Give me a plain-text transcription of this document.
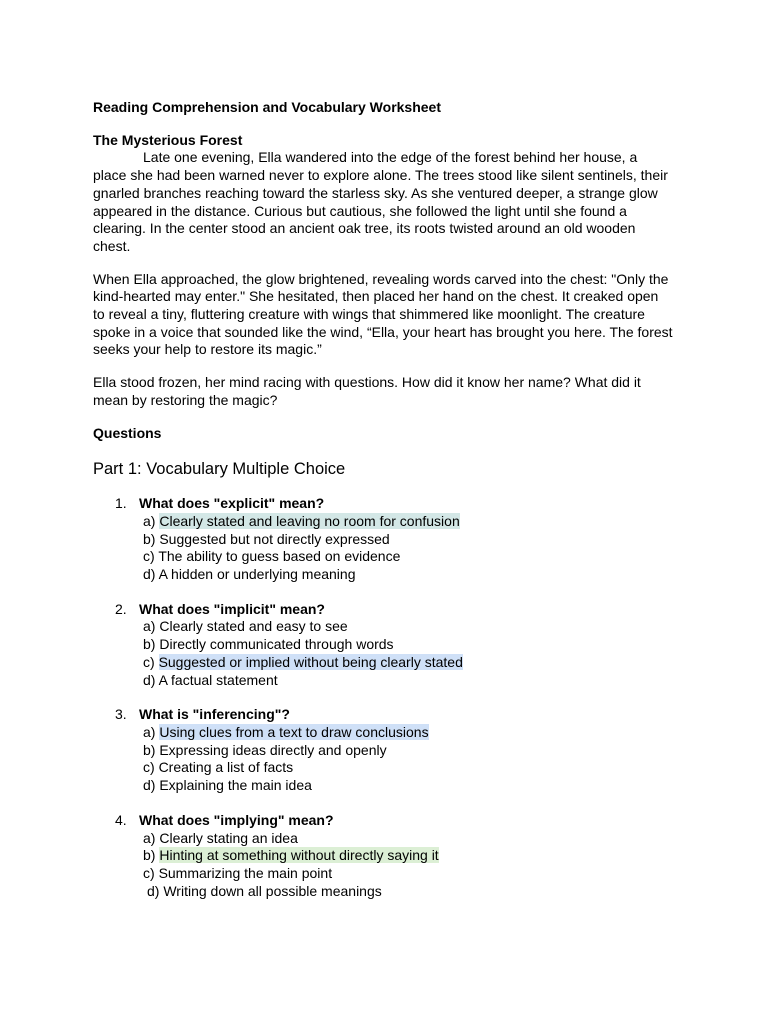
Reading Comprehension and Vocabulary Worksheet

The Mysterious Forest

Late one evening, Ella wandered into the edge of the forest behind her house, a place she had been warned never to explore alone. The trees stood like silent sentinels, their gnarled branches reaching toward the starless sky. As she ventured deeper, a strange glow appeared in the distance. Curious but cautious, she followed the light until she found a clearing. In the center stood an ancient oak tree, its roots twisted around an old wooden chest.

When Ella approached, the glow brightened, revealing words carved into the chest: "Only the kind-hearted may enter." She hesitated, then placed her hand on the chest. It creaked open to reveal a tiny, fluttering creature with wings that shimmered like moonlight. The creature spoke in a voice that sounded like the wind, “Ella, your heart has brought you here. The forest seeks your help to restore its magic.”

Ella stood frozen, her mind racing with questions. How did it know her name? What did it mean by restoring the magic?

Questions

Part 1: Vocabulary Multiple Choice
1. What does "explicit" mean?
a) Clearly stated and leaving no room for confusion
b) Suggested but not directly expressed
c) The ability to guess based on evidence
d) A hidden or underlying meaning
2. What does "implicit" mean?
a) Clearly stated and easy to see
b) Directly communicated through words
c) Suggested or implied without being clearly stated
d) A factual statement
3. What is "inferencing"?
a) Using clues from a text to draw conclusions
b) Expressing ideas directly and openly
c) Creating a list of facts
d) Explaining the main idea
4. What does "implying" mean?
a) Clearly stating an idea
b) Hinting at something without directly saying it
c) Summarizing the main point
d) Writing down all possible meanings
